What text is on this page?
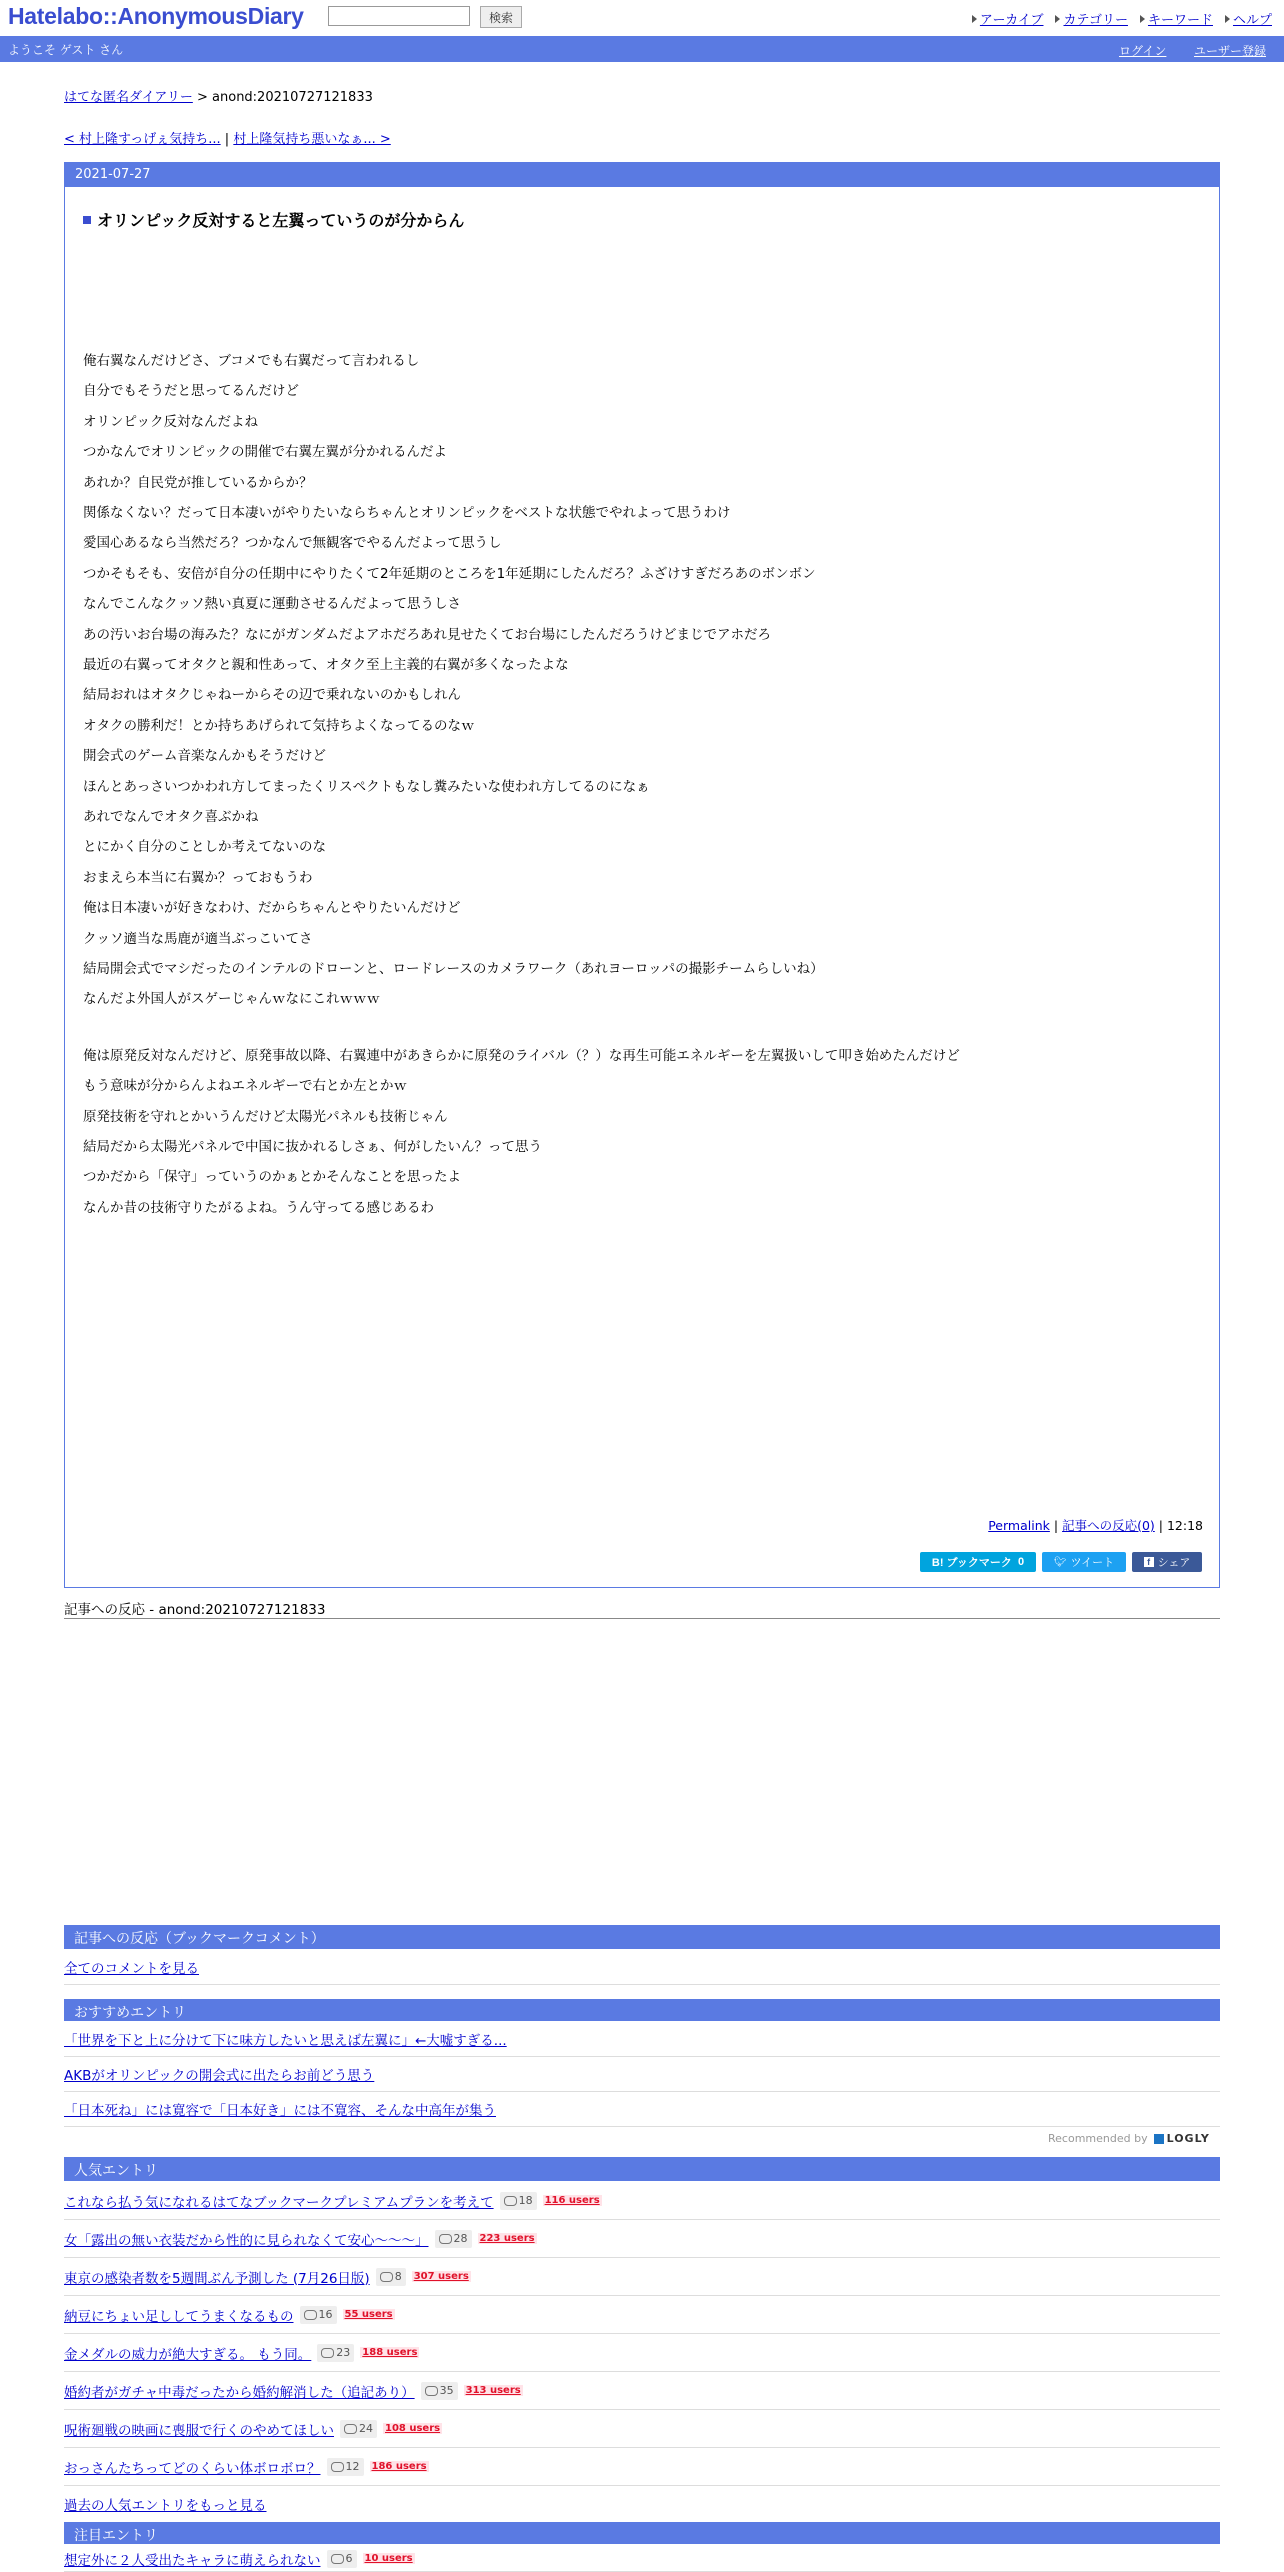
Hatelabo::AnonymousDiary	検索	アーカイブ カテゴリー キーワード ヘルプ
ようこそ ゲスト さん	ログイン ユーザー登録
はてな匿名ダイアリー > anond:20210727121833
< 村上隆すっげぇ気持ち... | 村上隆気持ち悪いなぁ... >
2021-07-27
オリンピック反対すると左翼っていうのが分からん
俺右翼なんだけどさ、ブコメでも右翼だって言われるし
自分でもそうだと思ってるんだけど
オリンピック反対なんだよね
つかなんでオリンピックの開催で右翼左翼が分かれるんだよ
あれか？自民党が推しているからか？
関係なくない？だって日本凄いがやりたいならちゃんとオリンピックをベストな状態でやれよって思うわけ
愛国心あるなら当然だろ？つかなんで無観客でやるんだよって思うし
つかそもそも、安倍が自分の任期中にやりたくて2年延期のところを1年延期にしたんだろ？ふざけすぎだろあのボンボン
なんでこんなクッソ熱い真夏に運動させるんだよって思うしさ
あの汚いお台場の海みた？なにがガンダムだよアホだろあれ見せたくてお台場にしたんだろうけどまじでアホだろ
最近の右翼ってオタクと親和性あって、オタク至上主義的右翼が多くなったよな
結局おれはオタクじゃねーからその辺で乗れないのかもしれん
オタクの勝利だ！とか持ちあげられて気持ちよくなってるのなｗ
開会式のゲーム音楽なんかもそうだけど
ほんとあっさいつかわれ方してまったくリスペクトもなし糞みたいな使われ方してるのになぁ
あれでなんでオタク喜ぶかね
とにかく自分のことしか考えてないのな
おまえら本当に右翼か？っておもうわ
俺は日本凄いが好きなわけ、だからちゃんとやりたいんだけど
クッソ適当な馬鹿が適当ぶっこいてさ
結局開会式でマシだったのインテルのドローンと、ロードレースのカメラワーク（あれヨーロッパの撮影チームらしいね）
なんだよ外国人がスゲーじゃんｗなにこれｗｗｗ
俺は原発反対なんだけど、原発事故以降、右翼連中があきらかに原発のライバル（？）な再生可能エネルギーを左翼扱いして叩き始めたんだけど
もう意味が分からんよねエネルギーで右とか左とかｗ
原発技術を守れとかいうんだけど太陽光パネルも技術じゃん
結局だから太陽光パネルで中国に抜かれるしさぁ、何がしたいん？って思う
つかだから「保守」っていうのかぁとかそんなことを思ったよ
なんか昔の技術守りたがるよね。うん守ってる感じあるわ
Permalink | 記事への反応(0) | 12:18
B! ブックマーク
0	🐦︎ ツイート	f シェア
記事への反応 - anond:20210727121833
記事への反応（ブックマークコメント）
全てのコメントを見る
おすすめエントリ
「世界を下と上に分けて下に味方したいと思えば左翼に」←大嘘すぎる...
AKBがオリンピックの開会式に出たらお前どう思う
「日本死ね」には寛容で「日本好き」には不寛容、そんな中高年が集う
Recommended by LOGLY
人気エントリ
これなら払う気になれるはてなブックマークプレミアムプランを考えて 18 116 users
女「露出の無い衣装だから性的に見られなくて安心〜〜〜」 28 223 users
東京の感染者数を5週間ぶん予測した (7月26日版) 8 307 users
納豆にちょい足ししてうまくなるもの 16 55 users
金メダルの威力が絶大すぎる。 もう同。 23 188 users
婚約者がガチャ中毒だったから婚約解消した（追記あり） 35 313 users
呪術廻戦の映画に喪服で行くのやめてほしい 24 108 users
おっさんたちってどのくらい体ボロボロ？ 12 186 users
過去の人気エントリをもっと見る
注目エントリ
想定外に２人受出たキャラに萌えられない 6 10 users
